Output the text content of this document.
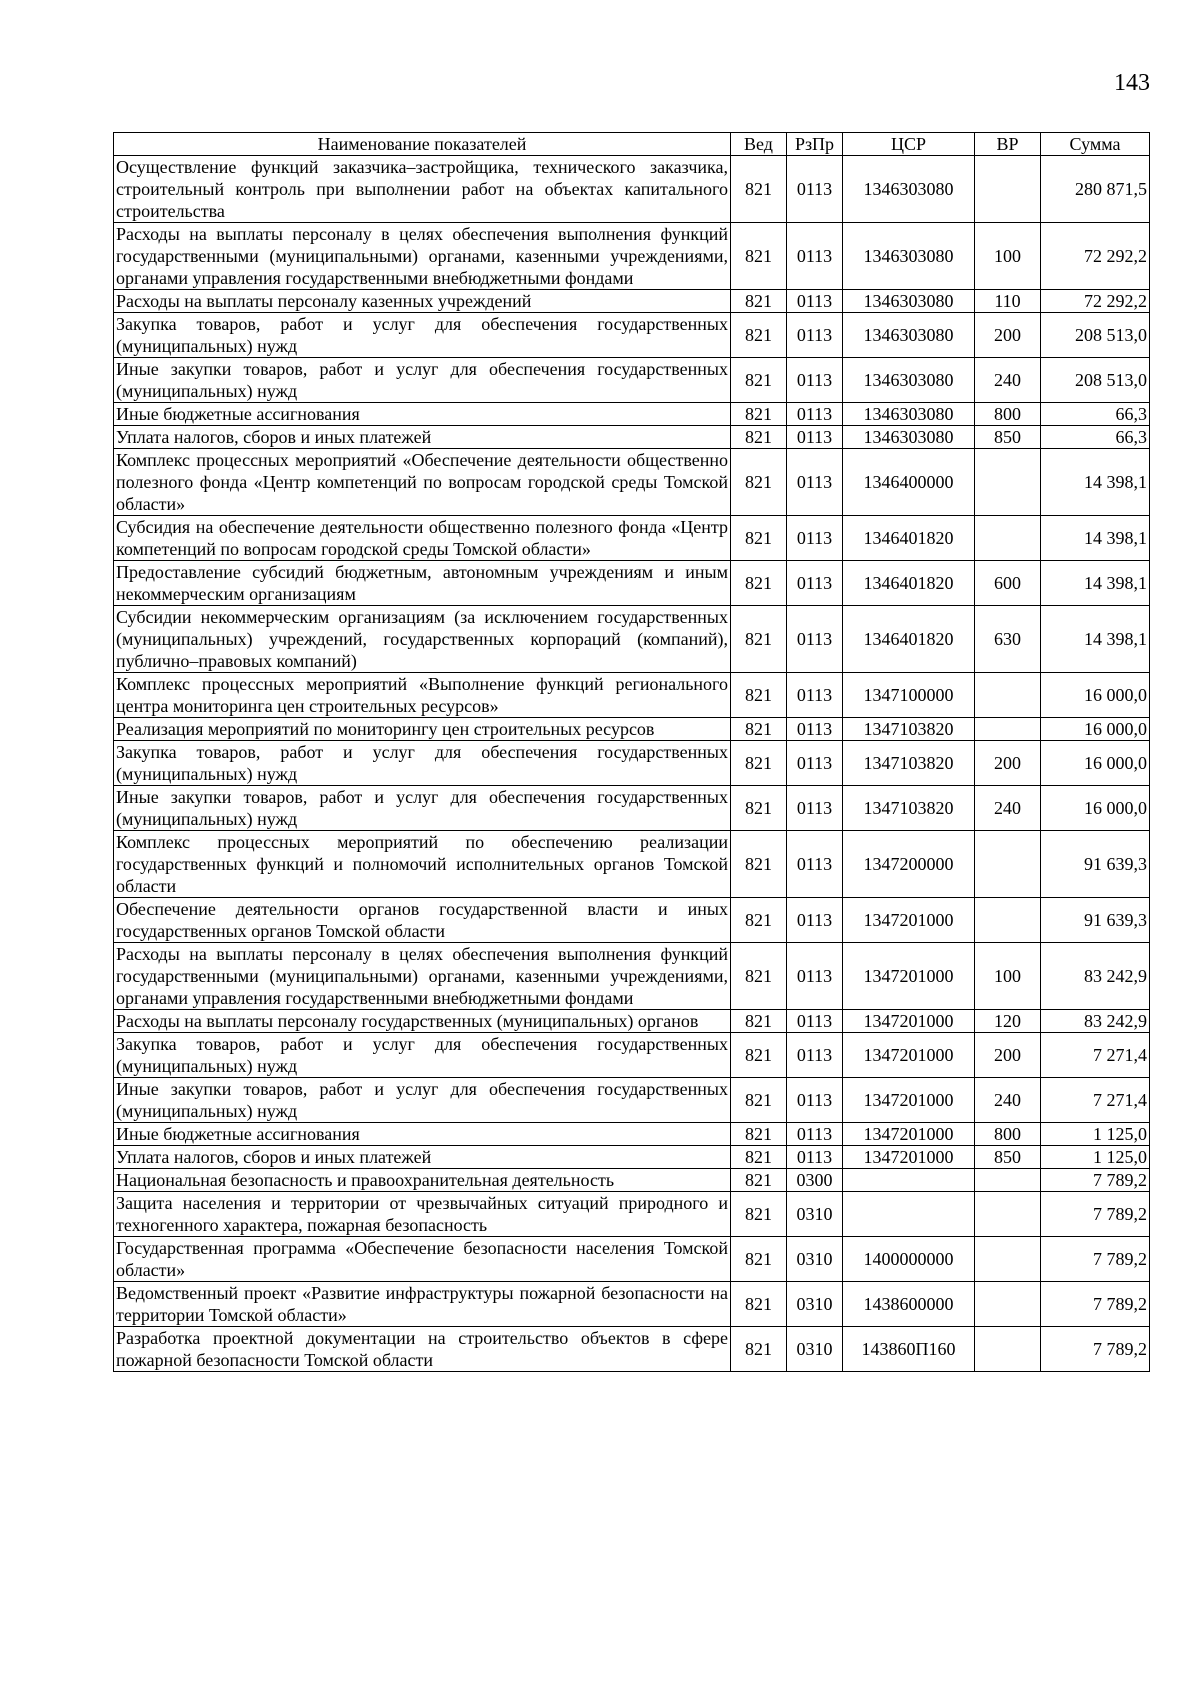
143
Наименование показателей	Вед	РзПр	ЦСР	ВР	Сумма
Осуществление функций заказчика–застройщика, технического заказчика, строительный контроль при выполнении работ на объектах капитального строительства	821	0113	1346303080		280 871,5
Расходы на выплаты персоналу в целях обеспечения выполнения функций государственными (муниципальными) органами, казенными учреждениями, органами управления государственными внебюджетными фондами	821	0113	1346303080	100	72 292,2
Расходы на выплаты персоналу казенных учреждений	821	0113	1346303080	110	72 292,2
Закупка товаров, работ и услуг для обеспечения государственных (муниципальных) нужд	821	0113	1346303080	200	208 513,0
Иные закупки товаров, работ и услуг для обеспечения государственных (муниципальных) нужд	821	0113	1346303080	240	208 513,0
Иные бюджетные ассигнования	821	0113	1346303080	800	66,3
Уплата налогов, сборов и иных платежей	821	0113	1346303080	850	66,3
Комплекс процессных мероприятий «Обеспечение деятельности общественно полезного фонда «Центр компетенций по вопросам городской среды Томской области»	821	0113	1346400000		14 398,1
Субсидия на обеспечение деятельности общественно полезного фонда «Центр компетенций по вопросам городской среды Томской области»	821	0113	1346401820		14 398,1
Предоставление субсидий бюджетным, автономным учреждениям и иным некоммерческим организациям	821	0113	1346401820	600	14 398,1
Субсидии некоммерческим организациям (за исключением государственных (муниципальных) учреждений, государственных корпораций (компаний), публично–правовых компаний)	821	0113	1346401820	630	14 398,1
Комплекс процессных мероприятий «Выполнение функций регионального центра мониторинга цен строительных ресурсов»	821	0113	1347100000		16 000,0
Реализация мероприятий по мониторингу цен строительных ресурсов	821	0113	1347103820		16 000,0
Закупка товаров, работ и услуг для обеспечения государственных (муниципальных) нужд	821	0113	1347103820	200	16 000,0
Иные закупки товаров, работ и услуг для обеспечения государственных (муниципальных) нужд	821	0113	1347103820	240	16 000,0
Комплекс процессных мероприятий по обеспечению реализации государственных функций и полномочий исполнительных органов Томской области	821	0113	1347200000		91 639,3
Обеспечение деятельности органов государственной власти и иных государственных органов Томской области	821	0113	1347201000		91 639,3
Расходы на выплаты персоналу в целях обеспечения выполнения функций государственными (муниципальными) органами, казенными учреждениями, органами управления государственными внебюджетными фондами	821	0113	1347201000	100	83 242,9
Расходы на выплаты персоналу государственных (муниципальных) органов	821	0113	1347201000	120	83 242,9
Закупка товаров, работ и услуг для обеспечения государственных (муниципальных) нужд	821	0113	1347201000	200	7 271,4
Иные закупки товаров, работ и услуг для обеспечения государственных (муниципальных) нужд	821	0113	1347201000	240	7 271,4
Иные бюджетные ассигнования	821	0113	1347201000	800	1 125,0
Уплата налогов, сборов и иных платежей	821	0113	1347201000	850	1 125,0
Национальная безопасность и правоохранительная деятельность	821	0300			7 789,2
Защита населения и территории от чрезвычайных ситуаций природного и техногенного характера, пожарная безопасность	821	0310			7 789,2
Государственная программа «Обеспечение безопасности населения Томской области»	821	0310	1400000000		7 789,2
Ведомственный проект «Развитие инфраструктуры пожарной безопасности на территории Томской области»	821	0310	1438600000		7 789,2
Разработка проектной документации на строительство объектов в сфере пожарной безопасности Томской области	821	0310	143860П160		7 789,2
